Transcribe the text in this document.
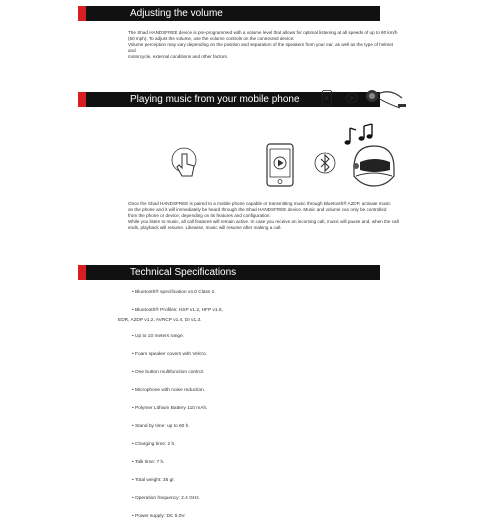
Adjusting the volume

The Shad HANDSFREE device is pre-programmed with a volume level that allows for optimal listening at all speeds of up to 80 km/h

(50 mph). To adjust the volume, use the volume controls on the connected device.

Volume perception may vary depending on the position and separation of the speakers from your ear, as well as the type of helmet and

motorcycle, external conditions and other factors.

Playing music from your mobile phone

Once the Shad HANDSFREE is paired to a mobile phone capable or transmitting music through Bluetooth® A2DP, activate music

on the phone and it will immediately be heard through the Shad HANDSFREE device. Music and volume can only be controlled

from the phone or device, depending on its features and configuration.

While you listen to music, all call features will remain active. In case you receive an incoming call, music will pause and, when the call

ends, playback will resume. Likewise, music will resume after making a call.

Technical Specifications
• Bluetooth® specification v4.0 Class 2.
• Bluetooth® Profiles: HSP v1.2, HFP v1.6,
EDR, A2DP v1.2, AVRCP v1.4, DI v1.3.
• Up to 10 meters range.
• Foam speaker covers with Velcro.
• One button multifunction control.
• Microphone with noise reduction.
• Polymer Lithium Battery 110 mAh.
• Stand by time: up to 60 h.
• Charging time: 2 h.
• Talk time: 7 h.
• Total weight: 35 gr.
• Operation frequency: 2.4 GHz.
• Power supply: DC 5.0V.
